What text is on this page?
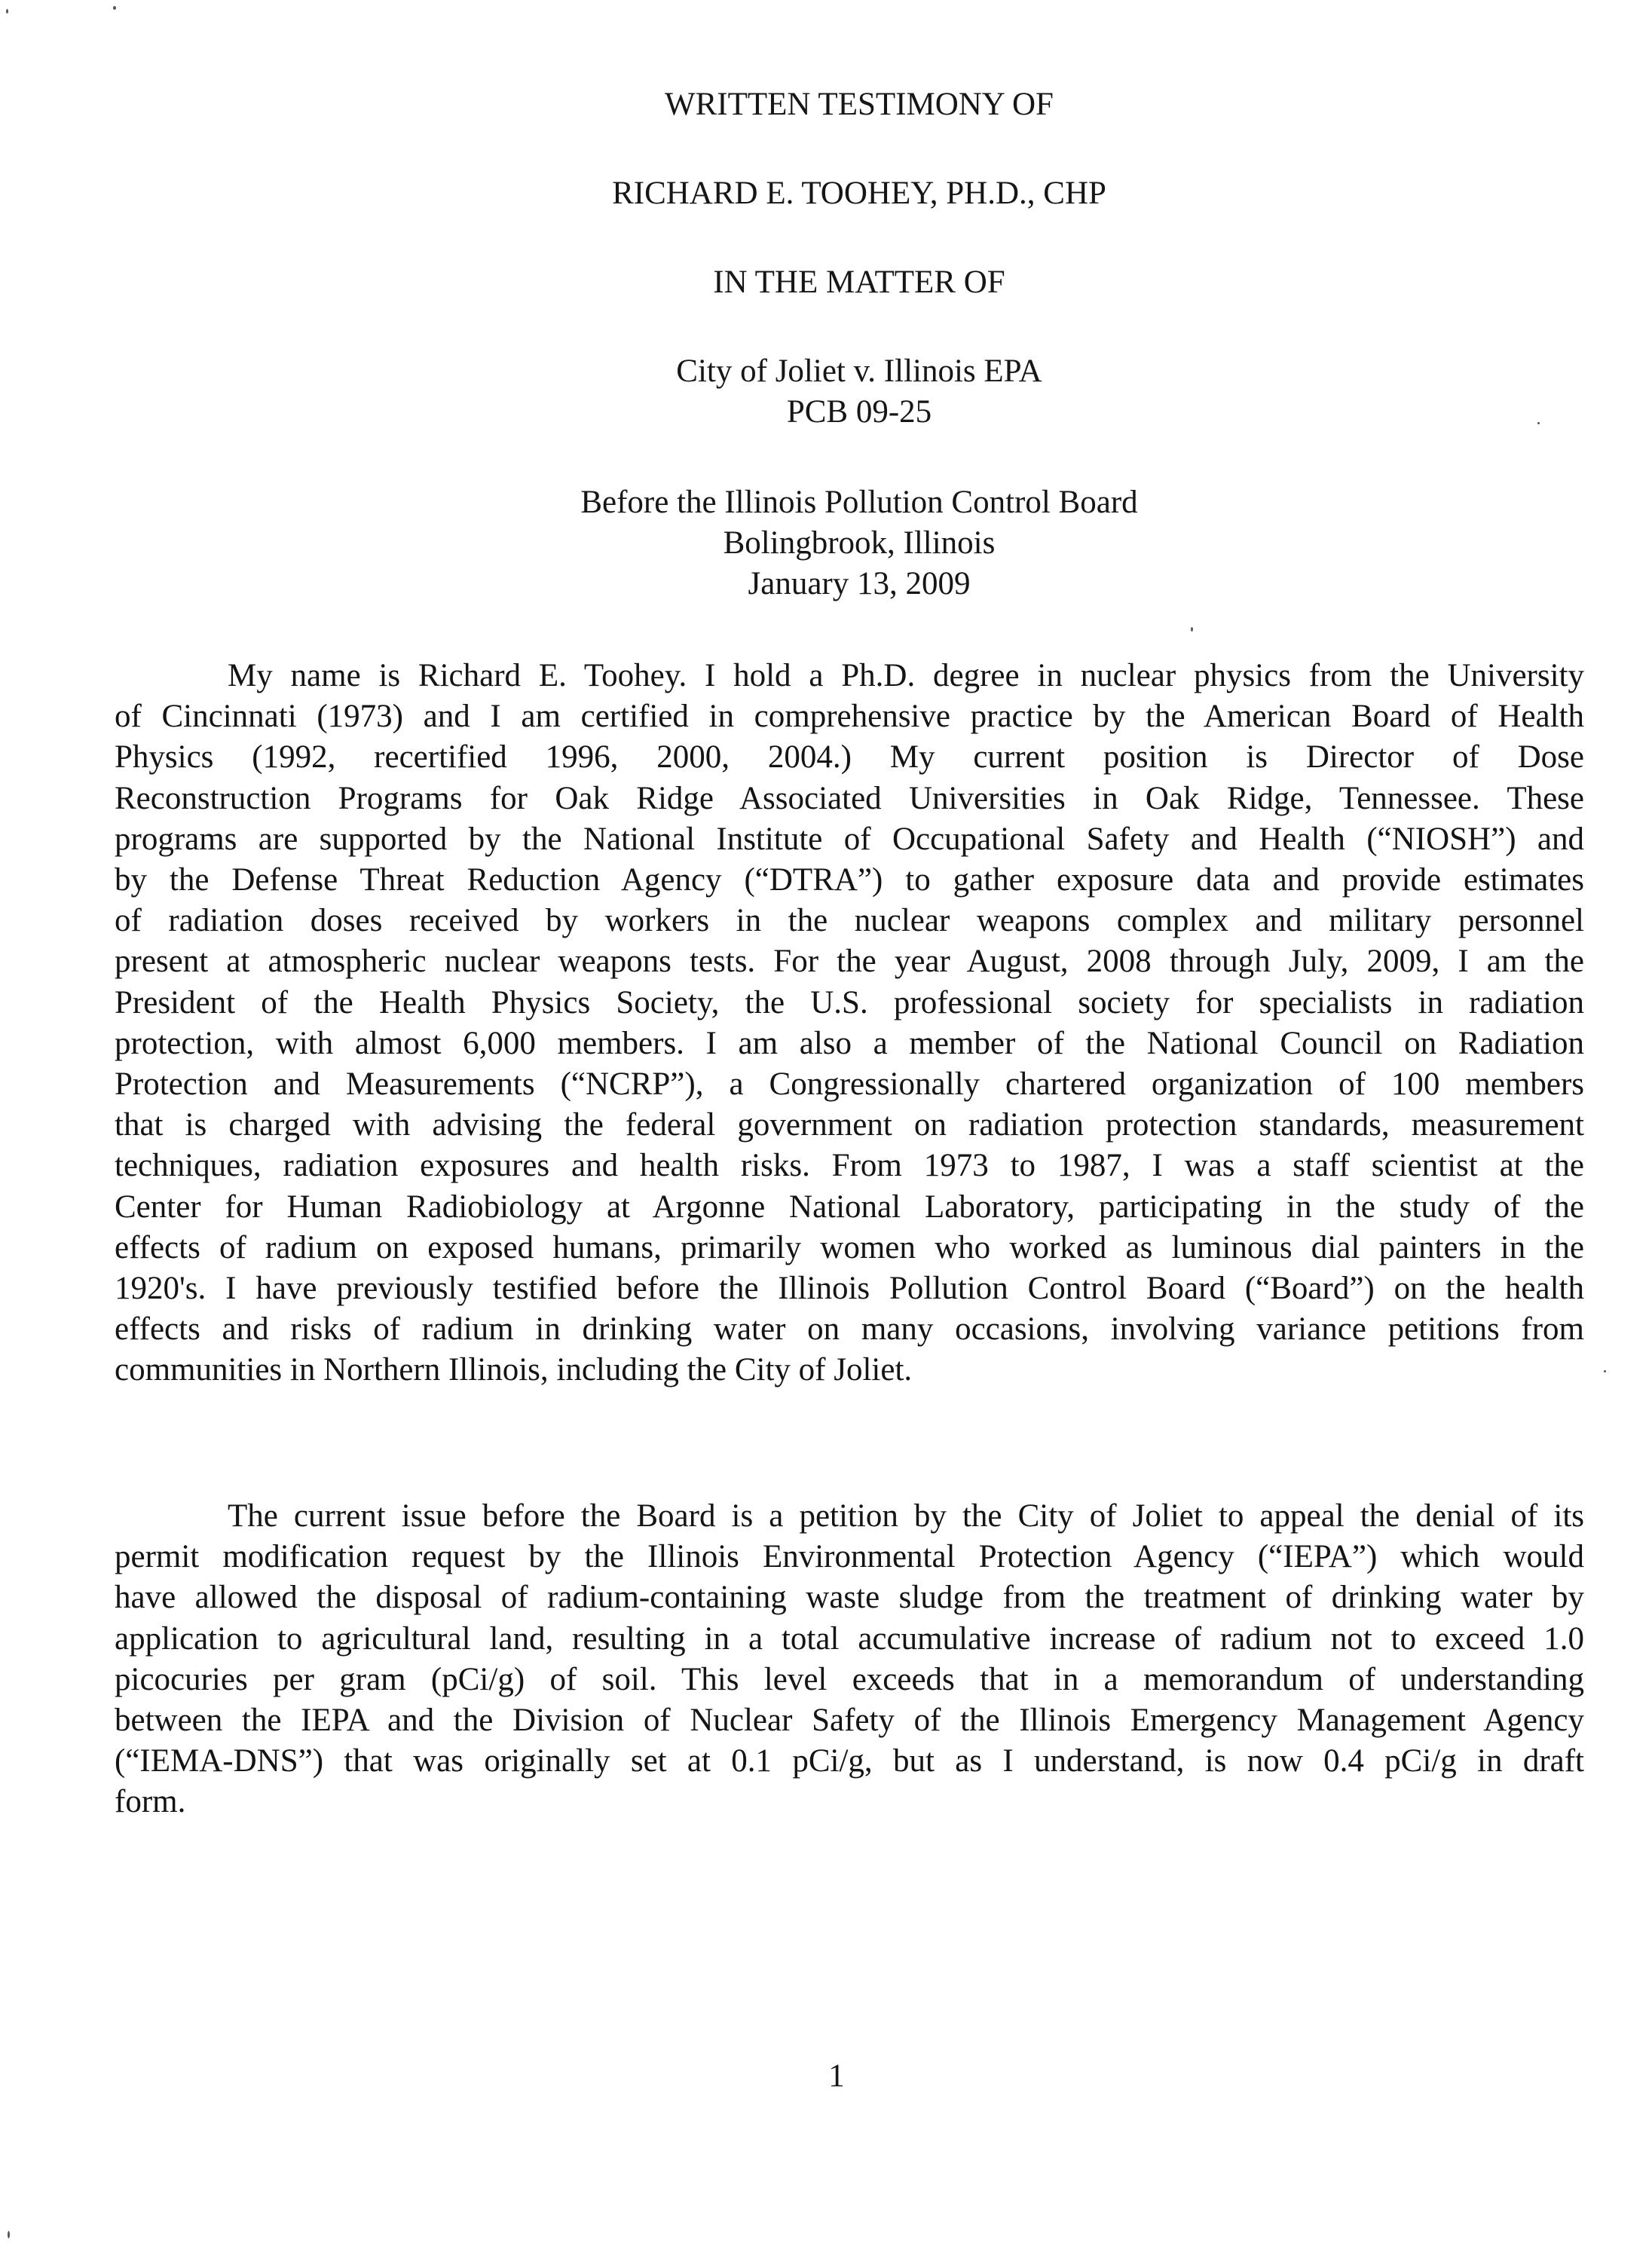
WRITTEN TESTIMONY OF
RICHARD E. TOOHEY, PH.D., CHP
IN THE MATTER OF
City of Joliet v. Illinois EPA
PCB 09-25
Before the Illinois Pollution Control Board
Bolingbrook, Illinois
January 13, 2009
My name is Richard E. Toohey. I hold a Ph.D. degree in nuclear physics from the University
of Cincinnati (1973) and I am certified in comprehensive practice by the American Board of Health
Physics (1992, recertified 1996, 2000, 2004.) My current position is Director of Dose
Reconstruction Programs for Oak Ridge Associated Universities in Oak Ridge, Tennessee. These
programs are supported by the National Institute of Occupational Safety and Health (“NIOSH”) and
by the Defense Threat Reduction Agency (“DTRA”) to gather exposure data and provide estimates
of radiation doses received by workers in the nuclear weapons complex and military personnel
present at atmospheric nuclear weapons tests. For the year August, 2008 through July, 2009, I am the
President of the Health Physics Society, the U.S. professional society for specialists in radiation
protection, with almost 6,000 members. I am also a member of the National Council on Radiation
Protection and Measurements (“NCRP”), a Congressionally chartered organization of 100 members
that is charged with advising the federal government on radiation protection standards, measurement
techniques, radiation exposures and health risks. From 1973 to 1987, I was a staff scientist at the
Center for Human Radiobiology at Argonne National Laboratory, participating in the study of the
effects of radium on exposed humans, primarily women who worked as luminous dial painters in the
1920's. I have previously testified before the Illinois Pollution Control Board (“Board”) on the health
effects and risks of radium in drinking water on many occasions, involving variance petitions from
communities in Northern Illinois, including the City of Joliet.
The current issue before the Board is a petition by the City of Joliet to appeal the denial of its
permit modification request by the Illinois Environmental Protection Agency (“IEPA”) which would
have allowed the disposal of radium-containing waste sludge from the treatment of drinking water by
application to agricultural land, resulting in a total accumulative increase of radium not to exceed 1.0
picocuries per gram (pCi/g) of soil. This level exceeds that in a memorandum of understanding
between the IEPA and the Division of Nuclear Safety of the Illinois Emergency Management Agency
(“IEMA-DNS”) that was originally set at 0.1 pCi/g, but as I understand, is now 0.4 pCi/g in draft
form.
1
